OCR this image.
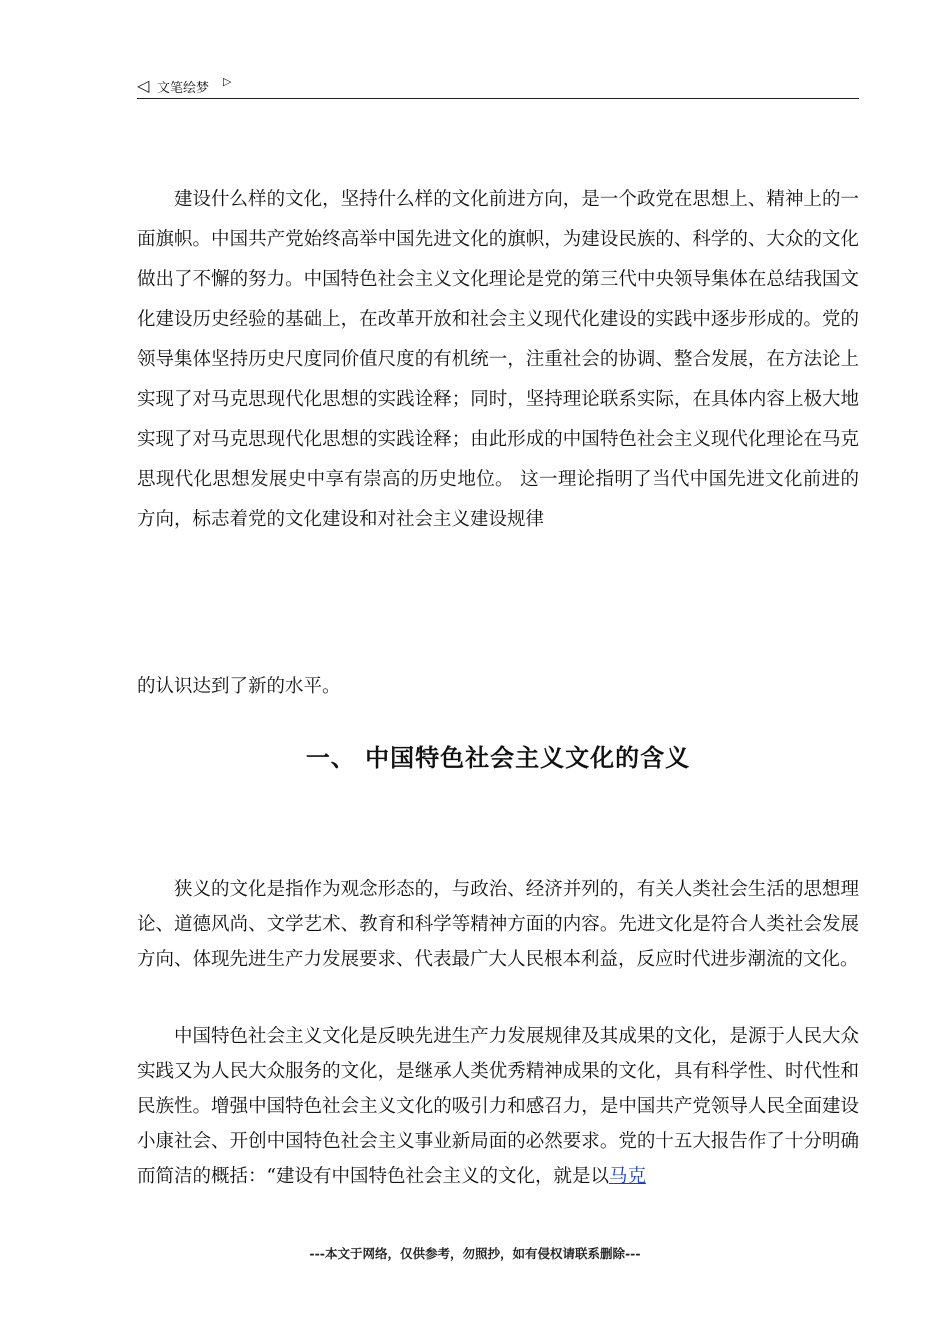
◁ 文笔绘梦 ▷

建设什么样的文化，坚持什么样的文化前进方向，是一个政党在思想上、精神上的一面旗帜。中国共产党始终高举中国先进文化的旗帜，为建设民族的、科学的、大众的文化做出了不懈的努力。中国特色社会主义文化理论是党的第三代中央领导集体在总结我国文化建设历史经验的基础上，在改革开放和社会主义现代化建设的实践中逐步形成的。党的领导集体坚持历史尺度同价值尺度的有机统一，注重社会的协调、整合发展，在方法论上实现了对马克思现代化思想的实践诠释；同时，坚持理论联系实际，在具体内容上极大地实现了对马克思现代化思想的实践诠释；由此形成的中国特色社会主义现代化理论在马克思现代化思想发展史中享有崇高的历史地位。 这一理论指明了当代中国先进文化前进的方向，标志着党的文化建设和对社会主义建设规律

的认识达到了新的水平。

一、 中国特色社会主义文化的含义

狭义的文化是指作为观念形态的，与政治、经济并列的，有关人类社会生活的思想理论、道德风尚、文学艺术、教育和科学等精神方面的内容。先进文化是符合人类社会发展方向、体现先进生产力发展要求、代表最广大人民根本利益，反应时代进步潮流的文化。

中国特色社会主义文化是反映先进生产力发展规律及其成果的文化，是源于人民大众实践又为人民大众服务的文化，是继承人类优秀精神成果的文化，具有科学性、时代性和民族性。增强中国特色社会主义文化的吸引力和感召力，是中国共产党领导人民全面建设小康社会、开创中国特色社会主义事业新局面的必然要求。党的十五大报告作了十分明确而简洁的概括：“建设有中国特色社会主义的文化，就是以马克

---本文于网络，仅供参考，勿照抄，如有侵权请联系删除---
